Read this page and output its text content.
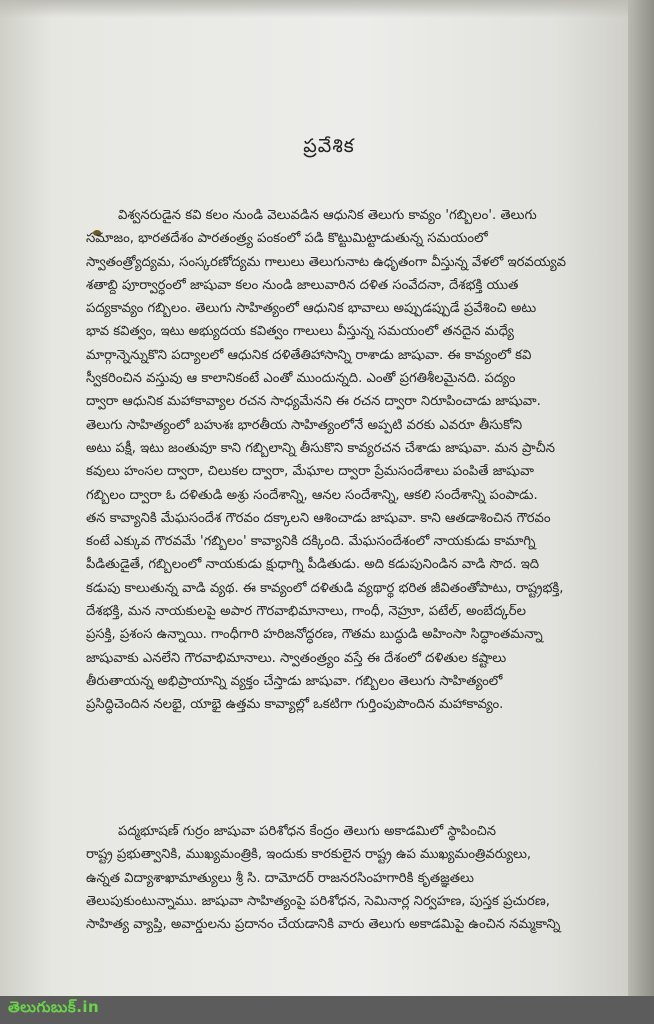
ప్రవేశిక
విశ్వనరుడైన కవి కలం నుండి వెలువడిన ఆధునిక తెలుగు కావ్యం 'గబ్బిలం'. తెలుగు
సమాజం, భారతదేశం పారతంత్ర్య పంకంలో పడి కొట్టుమిట్టాడుతున్న సమయంలో
స్వాతంత్ర్యోద్యమ, సంస్కరణోద్యమ గాలులు తెలుగునాట ఉధృతంగా వీస్తున్న వేళలో ఇరవయ్యవ
శతాబ్ది పూర్వార్ధంలో జాషువా కలం నుండి జాలువారిన దళిత సంవేదనా, దేశభక్తి యుత
పద్యకావ్యం గబ్బిలం. తెలుగు సాహిత్యంలో ఆధునిక భావాలు అప్పుడప్పుడే ప్రవేశించి అటు
భావ కవిత్వం, ఇటు అభ్యుదయ కవిత్వం గాలులు వీస్తున్న సమయంలో తనదైన మధ్యే
మార్గాన్నెన్నుకొని పద్యాలలో ఆధునిక దళితేతిహాసాన్ని రాశాడు జాషువా. ఈ కావ్యంలో కవి
స్వీకరించిన వస్తువు ఆ కాలానికంటే ఎంతో ముందున్నది. ఎంతో ప్రగతిశీలమైనది. పద్యం
ద్వారా ఆధునిక మహాకావ్యాల రచన సాధ్యమేనని ఈ రచన ద్వారా నిరూపించాడు జాషువా.
తెలుగు సాహిత్యంలో బహుశః భారతీయ సాహిత్యంలోనే అప్పటి వరకు ఎవరూ తీసుకోని
అటు పక్షీ, ఇటు జంతువూ కాని గబ్బిలాన్ని తీసుకొని కావ్యరచన చేశాడు జాషువా. మన ప్రాచీన
కవులు హంసల ద్వారా, చిలుకల ద్వారా, మేఘాల ద్వారా ప్రేమసందేశాలు పంపితే జాషువా
గబ్బిలం ద్వారా ఓ దళితుడి అశ్రు సందేశాన్ని, ఆనల సందేశాన్ని, ఆకలి సందేశాన్ని పంపాడు.
తన కావ్యానికి మేఘసందేశ గౌరవం దక్కాలని ఆశించాడు జాషువా. కాని ఆతడాశించిన గౌరవం
కంటే ఎక్కువ గౌరవమే 'గబ్బిలం' కావ్యానికి దక్కింది. మేఘసందేశంలో నాయకుడు కామాగ్ని
పీడితుడైతే, గబ్బిలంలో నాయకుడు క్షుధాగ్ని పీడితుడు. అది కడుపునిండిన వాడి సొద. ఇది
కడుపు కాలుతున్న వాడి వ్యథ. ఈ కావ్యంలో దళితుడి వ్యథార్థ భరిత జీవితంతోపాటు, రాష్ట్రభక్తి,
దేశభక్తి, మన నాయకులపై అపార గౌరవాభిమానాలు, గాంధీ, నెహ్రూ, పటేల్, అంబేద్కర్‌ల
ప్రసక్తి, ప్రశంస ఉన్నాయి. గాంధీగారి హరిజనోద్ధరణ, గౌతమ బుద్ధుడి అహింసా సిద్ధాంతమన్నా
జాషువాకు ఎనలేని గౌరవాభిమానాలు. స్వాతంత్ర్యం వస్తే ఈ దేశంలో దళితుల కష్టాలు
తీరుతాయన్న అభిప్రాయాన్ని వ్యక్తం చేస్తాడు జాషువా. గబ్బిలం తెలుగు సాహిత్యంలో
ప్రసిద్ధిచెందిన నలభై, యాభై ఉత్తమ కావ్యాల్లో ఒకటిగా గుర్తింపుపొందిన మహాకావ్యం.
పద్మభూషణ్ గుర్రం జాషువా పరిశోధన కేంద్రం తెలుగు అకాడమిలో స్థాపించిన
రాష్ట్ర ప్రభుత్వానికి, ముఖ్యమంత్రికి, ఇందుకు కారకులైన రాష్ట్ర ఉప ముఖ్యమంత్రివర్యులు,
ఉన్నత విద్యాశాఖామాత్యులు శ్రీ సి. దామోదర్ రాజనరసింహగారికి కృతజ్ఞతలు
తెలుపుకుంటున్నాము. జాషువా సాహిత్యంపై పరిశోధన, సెమినార్ల నిర్వహణ, పుస్తక ప్రచురణ,
సాహిత్య వ్యాప్తి, అవార్డులను ప్రదానం చేయడానికి వారు తెలుగు అకాడమిపై ఉంచిన నమ్మకాన్ని
తెలుగుబుక్.in
